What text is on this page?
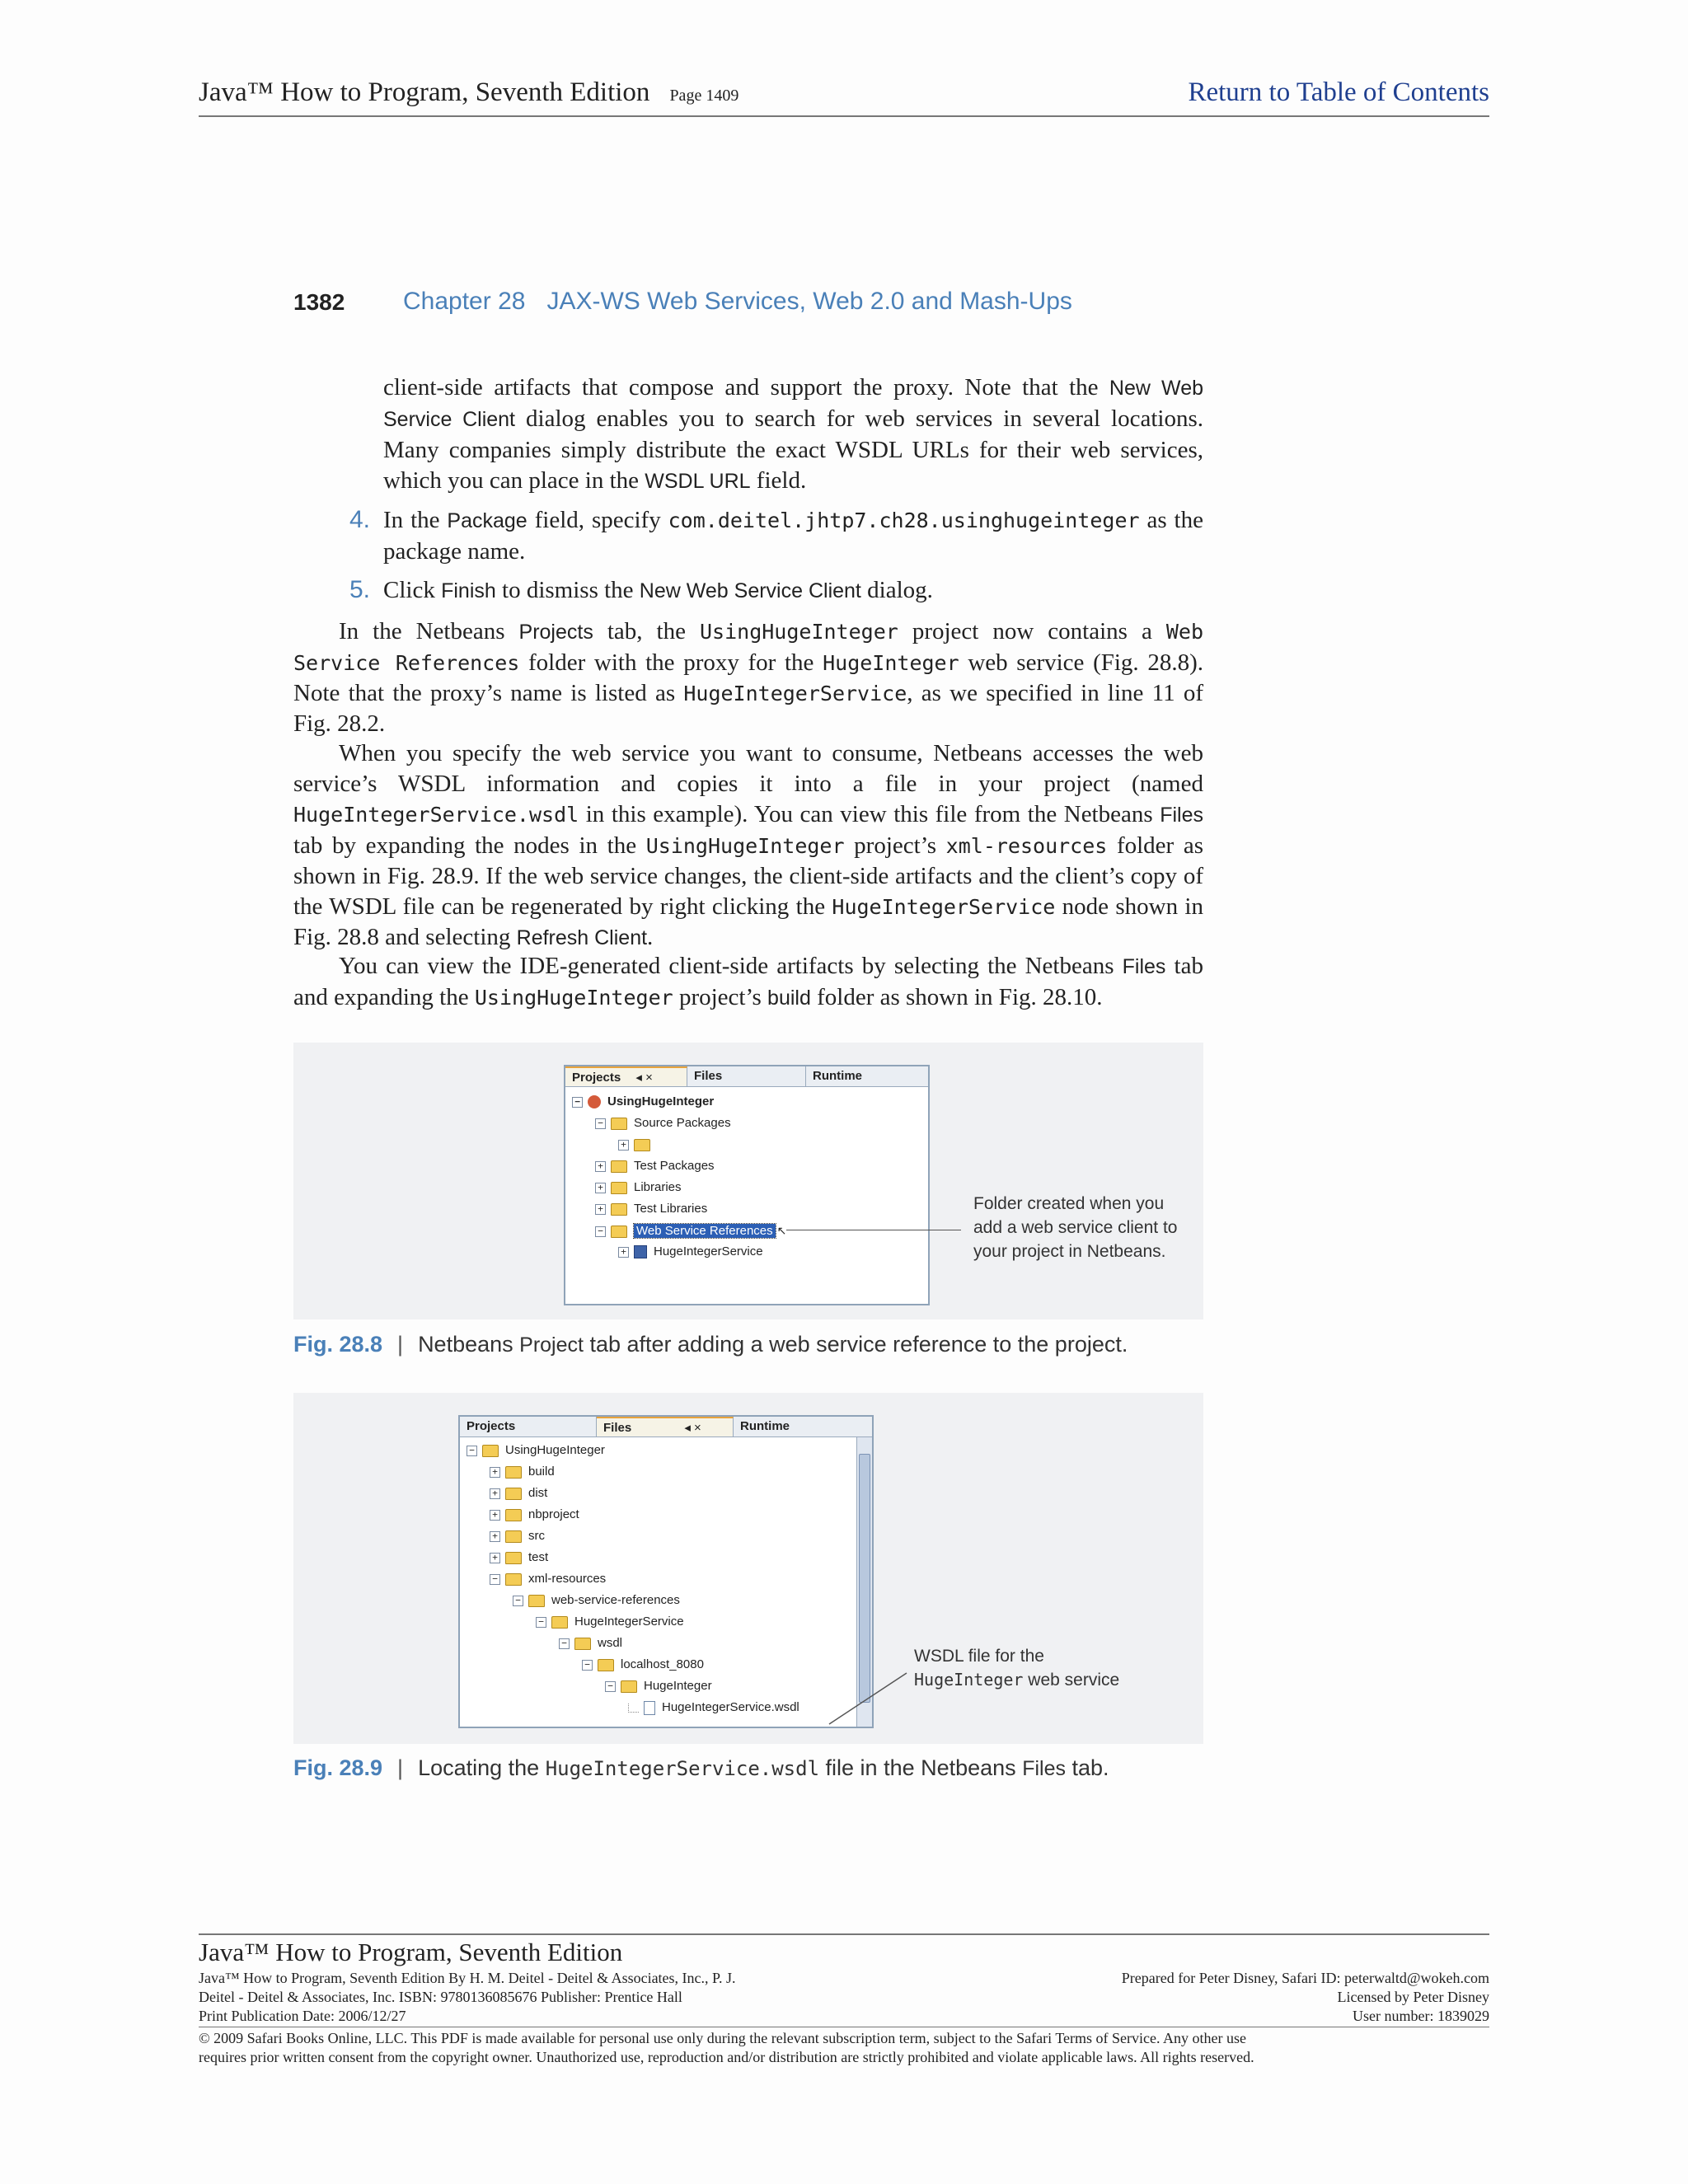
Java™ How to Program, Seventh Edition Page 1409	Return to Table of Contents
1382 Chapter 28 JAX-WS Web Services, Web 2.0 and Mash-Ups
client-side artifacts that compose and support the proxy. Note that the New Web Service Client dialog enables you to search for web services in several locations. Many companies simply distribute the exact WSDL URLs for their web services, which you can place in the WSDL URL field.
4. In the Package field, specify com.deitel.jhtp7.ch28.usinghugeinteger as the package name.
5. Click Finish to dismiss the New Web Service Client dialog.
In the Netbeans Projects tab, the UsingHugeInteger project now contains a Web Service References folder with the proxy for the HugeInteger web service (Fig. 28.8). Note that the proxy’s name is listed as HugeIntegerService, as we specified in line 11 of Fig. 28.2.
When you specify the web service you want to consume, Netbeans accesses the web service’s WSDL information and copies it into a file in your project (named HugeIntegerService.wsdl in this example). You can view this file from the Netbeans Files tab by expanding the nodes in the UsingHugeInteger project’s xml-resources folder as shown in Fig. 28.9. If the web service changes, the client-side artifacts and the client’s copy of the WSDL file can be regenerated by right clicking the HugeIntegerService node shown in Fig. 28.8 and selecting Refresh Client.
You can view the IDE-generated client-side artifacts by selecting the Netbeans Files tab and expanding the UsingHugeInteger project’s build folder as shown in Fig. 28.10.
Projects ◂ ×	Files	Runtime
− UsingHugeInteger
− Source Packages
+
+ Test Packages
+ Libraries
+ Test Libraries
−	Web Service References ↖
+ HugeIntegerService
Folder created when you add a web service client to your project in Netbeans.
Fig. 28.8 | Netbeans Project tab after adding a web service reference to the project.
Projects	Files	◂ ×	Runtime
− UsingHugeInteger
+ build
+ dist
+ nbproject
+ src
+ test
− xml-resources
− web-service-references
− HugeIntegerService
− wsdl
− localhost_8080
− HugeInteger
HugeIntegerService.wsdl
WSDL file for the
HugeInteger web service
Fig. 28.9 | Locating the HugeIntegerService.wsdl file in the Netbeans Files tab.
Java™ How to Program, Seventh Edition
Java™ How to Program, Seventh Edition By H. M. Deitel - Deitel & Associates, Inc., P. J.
Deitel - Deitel & Associates, Inc. ISBN: 9780136085676 Publisher: Prentice Hall
Print Publication Date: 2006/12/27
Prepared for Peter Disney, Safari ID: peterwaltd@wokeh.com
Licensed by Peter Disney
User number: 1839029
© 2009 Safari Books Online, LLC. This PDF is made available for personal use only during the relevant subscription term, subject to the Safari Terms of Service. Any other use
requires prior written consent from the copyright owner. Unauthorized use, reproduction and/or distribution are strictly prohibited and violate applicable laws. All rights reserved.
